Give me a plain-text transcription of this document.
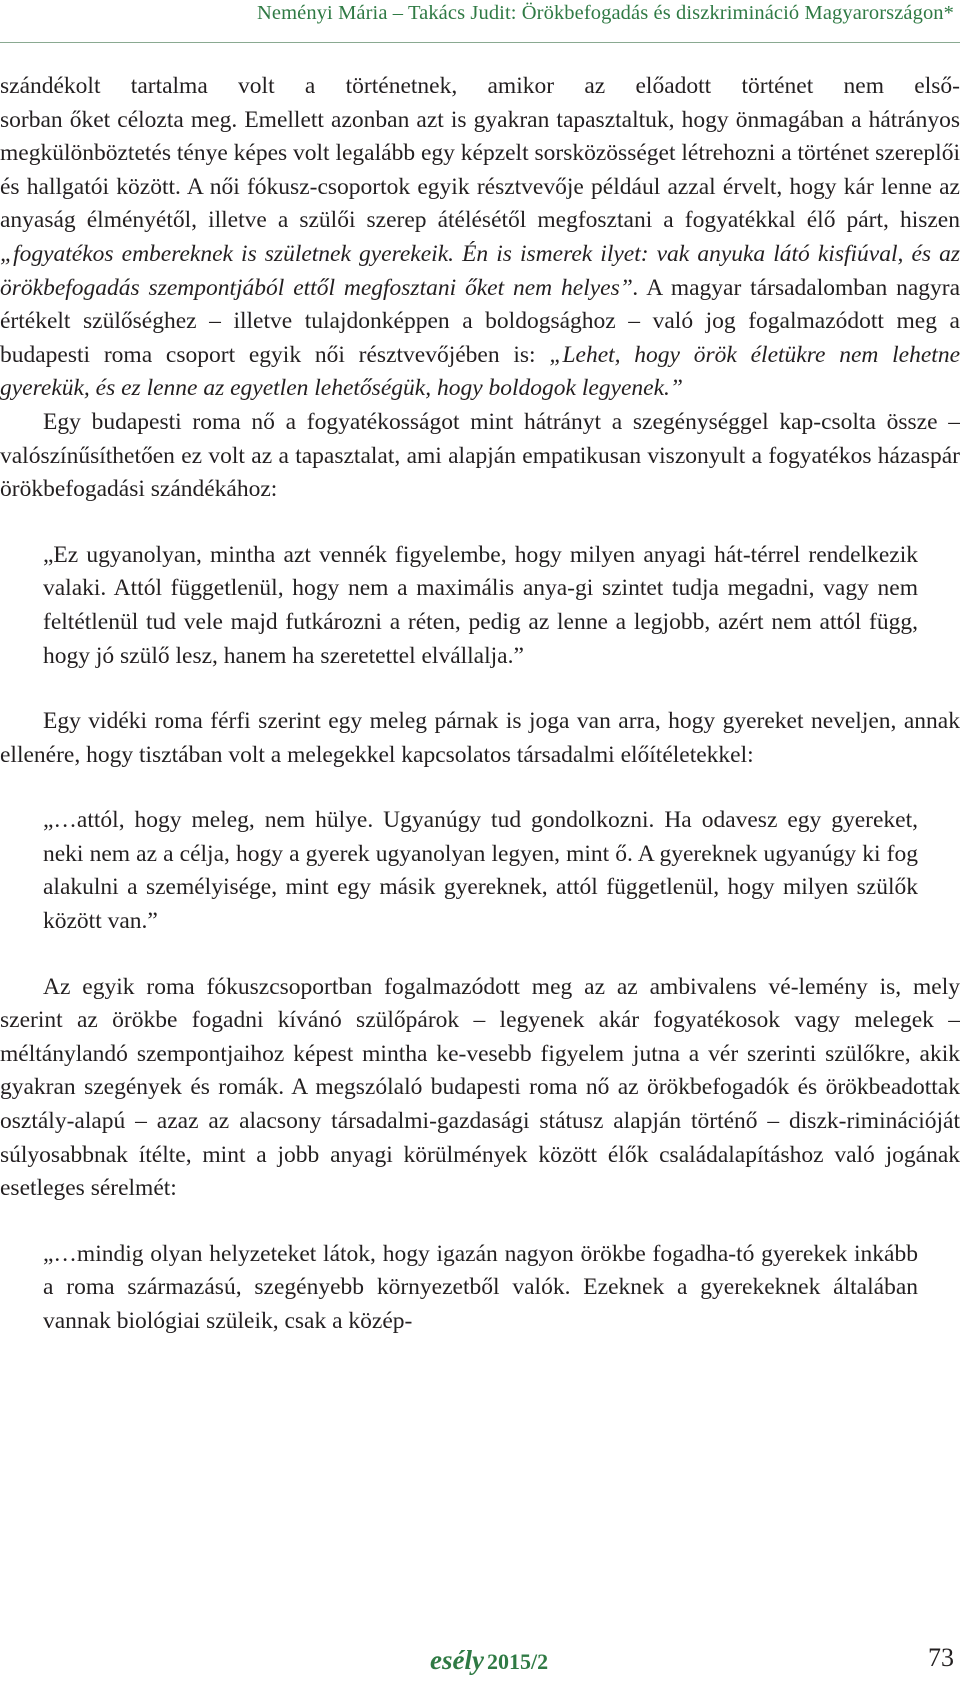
Neményi Mária – Takács Judit: Örökbefogadás és diszkrimináció Magyarországon*

szándékolt tartalma volt a történetnek, amikor az előadott történet nem első-
sorban őket célozta meg. Emellett azonban azt is gyakran tapasztaltuk, hogy önmagában a hátrányos megkülönböztetés ténye képes volt legalább egy képzelt sorsközösséget létrehozni a történet szereplői és hallgatói között. A női fókusz-csoportok egyik résztvevője például azzal érvelt, hogy kár lenne az anyaság élményétől, illetve a szülői szerep átélésétől megfosztani a fogyatékkal élő párt, hiszen „fogyatékos embereknek is születnek gyerekeik. Én is ismerek ilyet: vak anyuka látó kisfiúval, és az örökbefogadás szempontjából ettől megfosztani őket nem helyes”. A magyar társadalomban nagyra értékelt szülőséghez – illetve tulajdonképpen a boldogsághoz – való jog fogalmazódott meg a budapesti roma csoport egyik női résztvevőjében is: „Lehet, hogy örök életükre nem lehetne gyerekük, és ez lenne az egyetlen lehetőségük, hogy boldogok legyenek.”

Egy budapesti roma nő a fogyatékosságot mint hátrányt a szegénységgel kap-csolta össze – valószínűsíthetően ez volt az a tapasztalat, ami alapján empatikusan viszonyult a fogyatékos házaspár örökbefogadási szándékához:

„Ez ugyanolyan, mintha azt vennék figyelembe, hogy milyen anyagi hát-térrel rendelkezik valaki. Attól függetlenül, hogy nem a maximális anya-gi szintet tudja megadni, vagy nem feltétlenül tud vele majd futkározni a réten, pedig az lenne a legjobb, azért nem attól függ, hogy jó szülő lesz, hanem ha szeretettel elvállalja.”

Egy vidéki roma férfi szerint egy meleg párnak is joga van arra, hogy gyereket neveljen, annak ellenére, hogy tisztában volt a melegekkel kapcsolatos társadalmi előítéletekkel:

„…attól, hogy meleg, nem hülye. Ugyanúgy tud gondolkozni. Ha odavesz egy gyereket, neki nem az a célja, hogy a gyerek ugyanolyan legyen, mint ő. A gyereknek ugyanúgy ki fog alakulni a személyisége, mint egy másik gyereknek, attól függetlenül, hogy milyen szülők között van.”

Az egyik roma fókuszcsoportban fogalmazódott meg az az ambivalens vé-lemény is, mely szerint az örökbe fogadni kívánó szülőpárok – legyenek akár fogyatékosok vagy melegek – méltánylandó szempontjaihoz képest mintha ke-vesebb figyelem jutna a vér szerinti szülőkre, akik gyakran szegények és romák. A megszólaló budapesti roma nő az örökbefogadók és örökbeadottak osztály-alapú – azaz az alacsony társadalmi-gazdasági státusz alapján történő – diszk-riminációját súlyosabbnak ítélte, mint a jobb anyagi körülmények között élők családalapításhoz való jogának esetleges sérelmét:

„…mindig olyan helyzeteket látok, hogy igazán nagyon örökbe fogadha-tó gyerekek inkább a roma származású, szegényebb környezetből valók. Ezeknek a gyerekeknek általában vannak biológiai szüleik, csak a közép-

esély 2015/2	73
